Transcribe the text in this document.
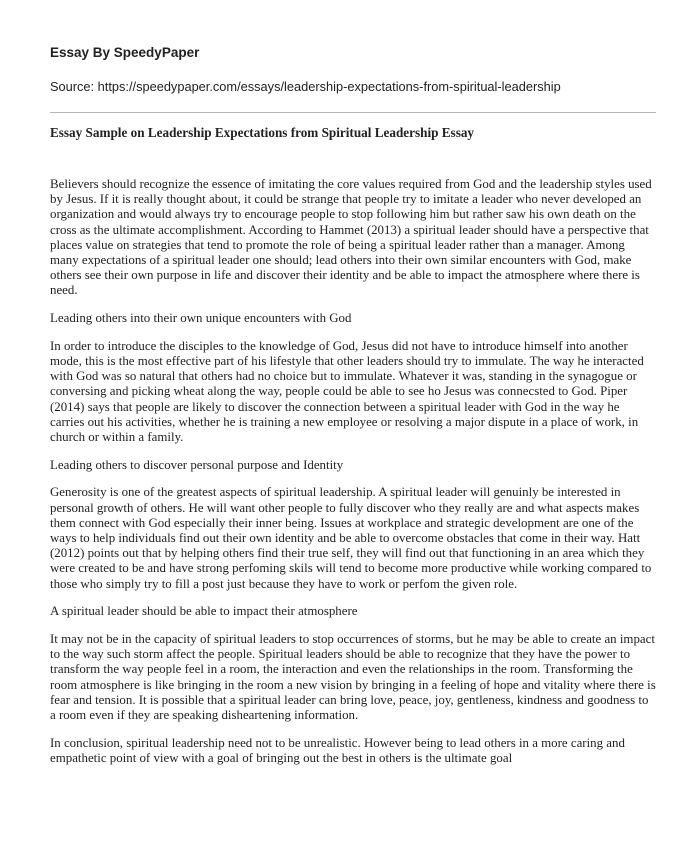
Essay By SpeedyPaper

Source: https://speedypaper.com/essays/leadership-expectations-from-spiritual-leadership

Essay Sample on Leadership Expectations from Spiritual Leadership Essay

Believers should recognize the essence of imitating the core values required from God and the leadership styles used by Jesus. If it is really thought about, it could be strange that people try to imitate a leader who never developed an organization and would always try to encourage people to stop following him but rather saw his own death on the cross as the ultimate accomplishment. According to Hammet (2013) a spiritual leader should have a perspective that places value on strategies that tend to promote the role of being a spiritual leader rather than a manager. Among many expectations of a spiritual leader one should; lead others into their own similar encounters with God, make others see their own purpose in life and discover their identity and be able to impact the atmosphere where there is need.

Leading others into their own unique encounters with God

In order to introduce the disciples to the knowledge of God, Jesus did not have to introduce himself into another mode, this is the most effective part of his lifestyle that other leaders should try to immulate. The way he interacted with God was so natural that others had no choice but to immulate. Whatever it was, standing in the synagogue or conversing and picking wheat along the way, people could be able to see ho Jesus was connecsted to God. Piper (2014) says that people are likely to discover the connection between a spiritual leader with God in the way he carries out his activities, whether he is training a new employee or resolving a major dispute in a place of work, in church or within a family.

Leading others to discover personal purpose and Identity

Generosity is one of the greatest aspects of spiritual leadership. A spiritual leader will genuinly be interested in personal growth of others. He will want other people to fully discover who they really are and what aspects makes them connect with God especially their inner being. Issues at workplace and strategic development are one of the ways to help individuals find out their own identity and be able to overcome obstacles that come in their way. Hatt (2012) points out that by helping others find their true self, they will find out that functioning in an area which they were created to be and have strong perfoming skils will tend to become more productive while working compared to those who simply try to fill a post just because they have to work or perfom the given role.

A spiritual leader should be able to impact their atmosphere

It may not be in the capacity of spiritual leaders to stop occurrences of storms, but he may be able to create an impact to the way such storm affect the people. Spiritual leaders should be able to recognize that they have the power to transform the way people feel in a room, the interaction and even the relationships in the room. Transforming the room atmosphere is like bringing in the room a new vision by bringing in a feeling of hope and vitality where there is fear and tension. It is possible that a spiritual leader can bring love, peace, joy, gentleness, kindness and goodness to a room even if they are speaking disheartening information.

In conclusion, spiritual leadership need not to be unrealistic. However being to lead others in a more caring and empathetic point of view with a goal of bringing out the best in others is the ultimate goal
